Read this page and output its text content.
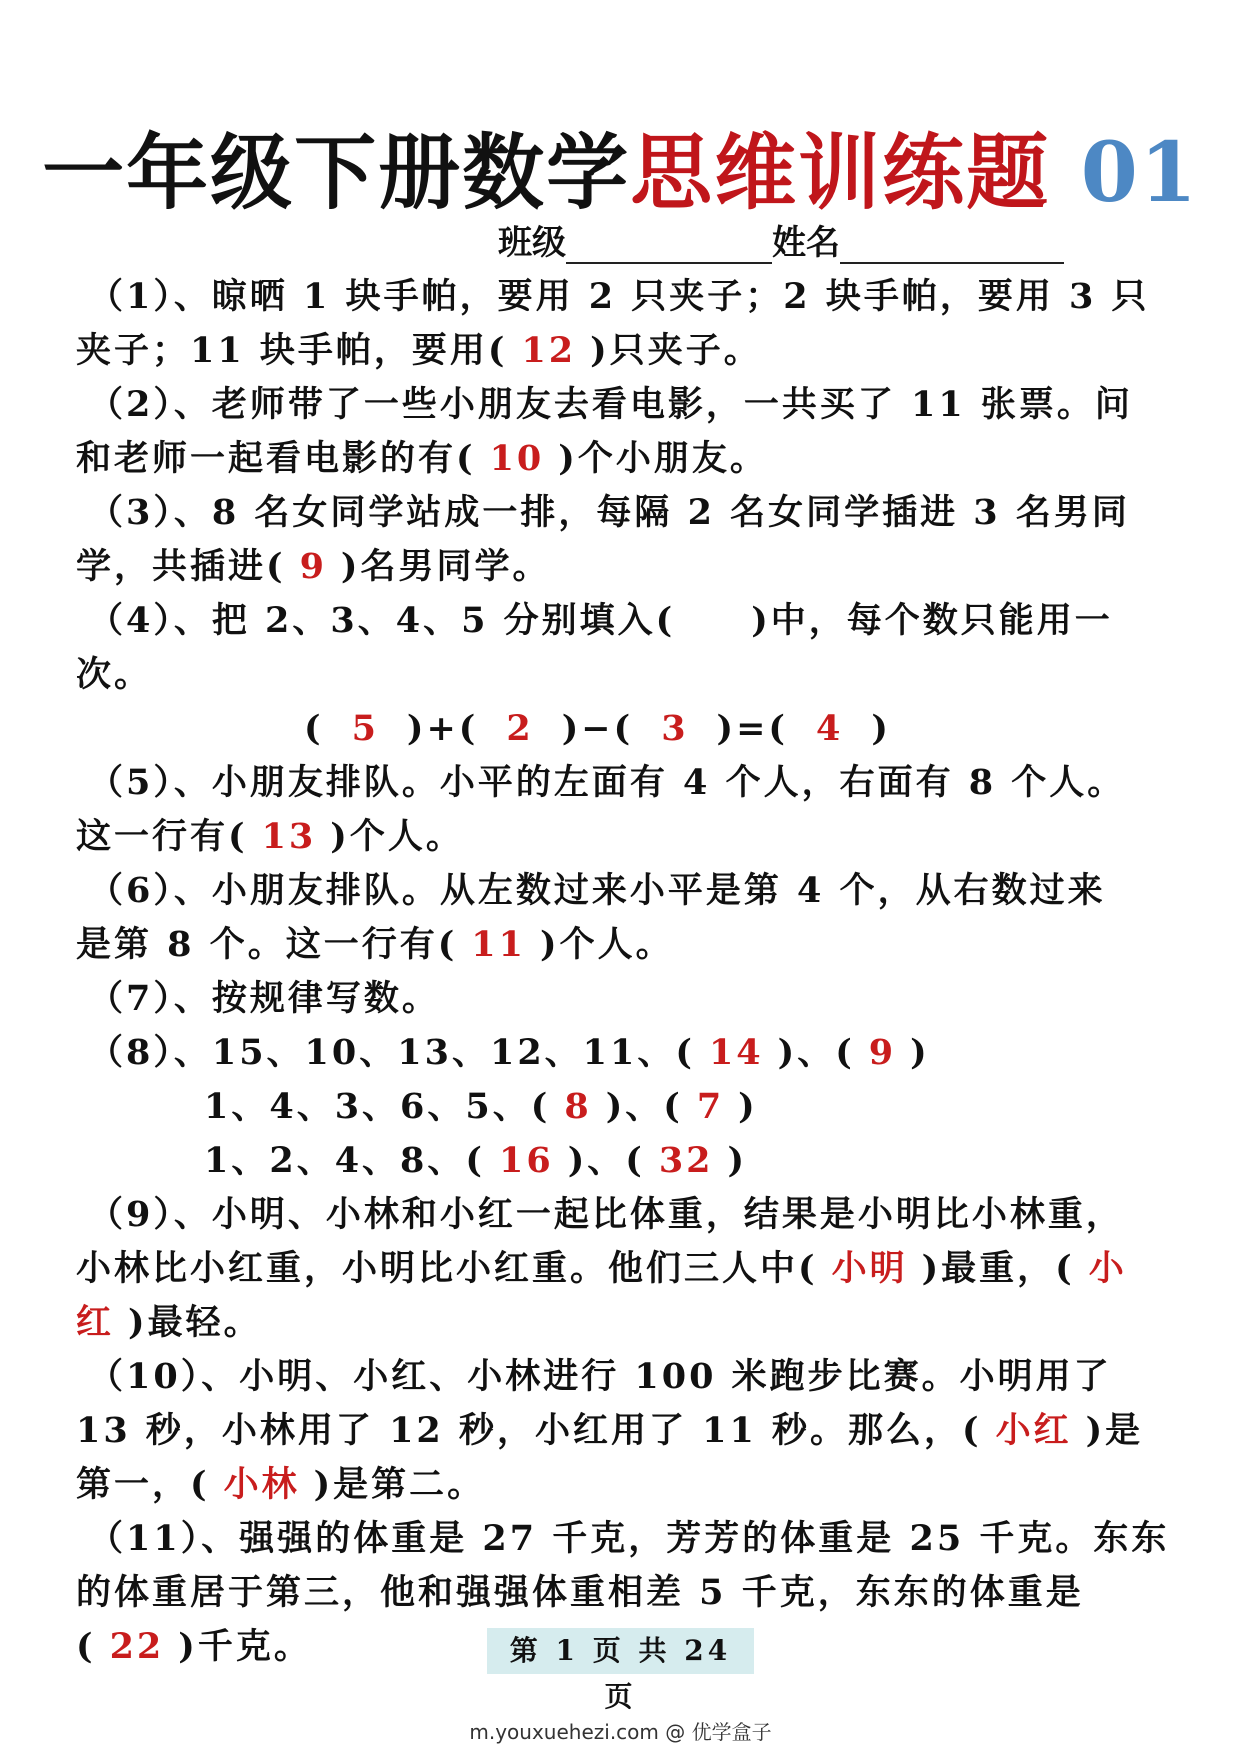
一年级下册数学思维训练题 01
班级	姓名

（1）、晾晒 1 块手帕，要用 2 只夹子；2 块手帕，要用 3 只
夹子；11 块手帕，要用( 12 )只夹子。

（2）、老师带了一些小朋友去看电影，一共买了 11 张票。问
和老师一起看电影的有( 10 )个小朋友。

（3）、8 名女同学站成一排，每隔 2 名女同学插进 3 名男同
学，共插进( 9 )名男同学。

（4）、把 2、3、4、5 分别填入(　　)中，每个数只能用一次。
( 5 )+( 2 )−( 3 )=( 4 )

（5）、小朋友排队。小平的左面有 4 个人，右面有 8 个人。
这一行有( 13 )个人。

（6）、小朋友排队。从左数过来小平是第 4 个，从右数过来
是第 8 个。这一行有( 11 )个人。

（7）、按规律写数。

（8）、15、10、13、12、11、( 14 )、( 9 )
1、4、3、6、5、( 8 )、( 7 )
1、2、4、8、( 16 )、( 32 )

（9）、小明、小林和小红一起比体重，结果是小明比小林重，
小林比小红重，小明比小红重。他们三人中( 小明 )最重，( 小
红 )最轻。

（10）、小明、小红、小林进行 100 米跑步比赛。小明用了
13 秒，小林用了 12 秒，小红用了 11 秒。那么，( 小红 )是
第一，( 小林 )是第二。

（11）、强强的体重是 27 千克，芳芳的体重是 25 千克。东东
的体重居于第三，他和强强体重相差 5 千克，东东的体重是
( 22 )千克。	第 1 页 共 24 页
m.youxuehezi.com @ 优学盒子
